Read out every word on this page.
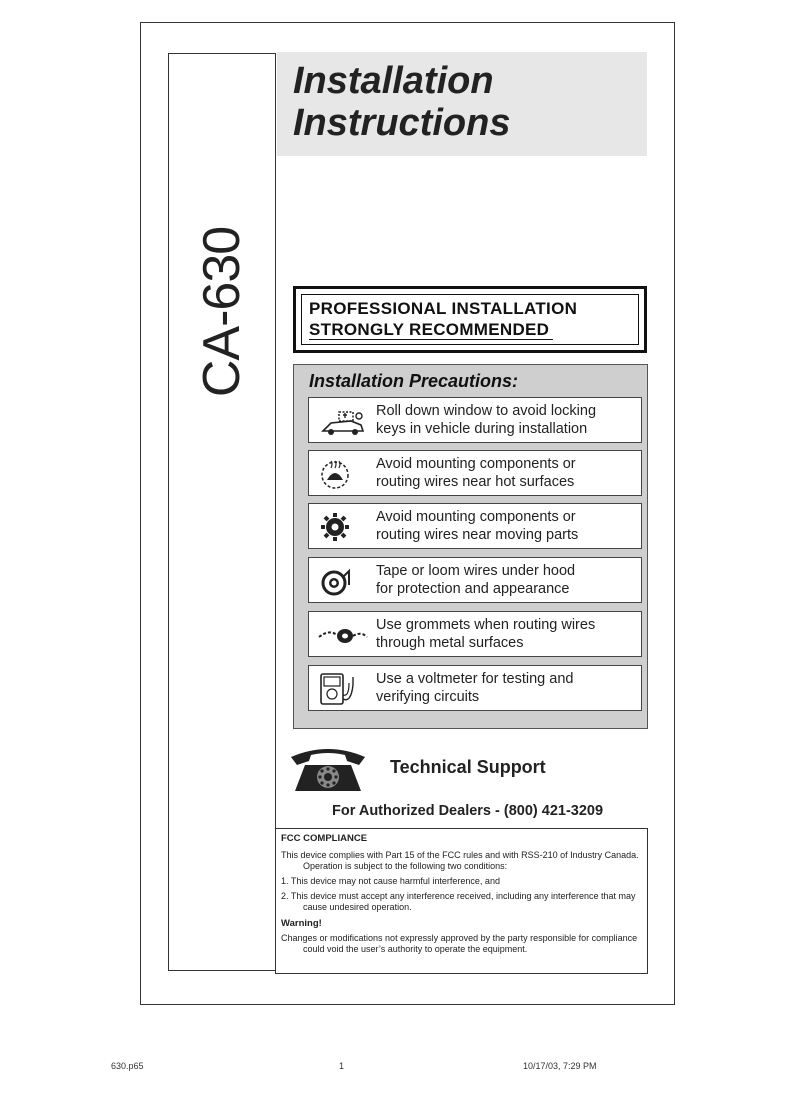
CA-630
Installation
Instructions
PROFESSIONAL INSTALLATION
STRONGLY RECOMMENDED
Installation Precautions:
Roll down window to avoid locking
keys in vehicle during installation
Avoid mounting components or
routing wires near hot surfaces
Avoid mounting components or
routing wires near moving parts
Tape or loom wires under hood
for protection and appearance
Use grommets when routing wires
through metal surfaces
Use a voltmeter for testing and
verifying circuits
Technical Support
For Authorized Dealers - (800) 421-3209
FCC COMPLIANCE

This device complies with Part 15 of the FCC rules and with RSS-210 of Industry Canada. Operation is subject to the following two conditions:

1. This device may not cause harmful interference, and

2. This device must accept any interference received, including any interference that may cause undesired operation.

Warning!

Changes or modifications not expressly approved by the party responsible for compliance could void the user’s authority to operate the equipment.

630.p65	1	10/17/03, 7:29 PM
